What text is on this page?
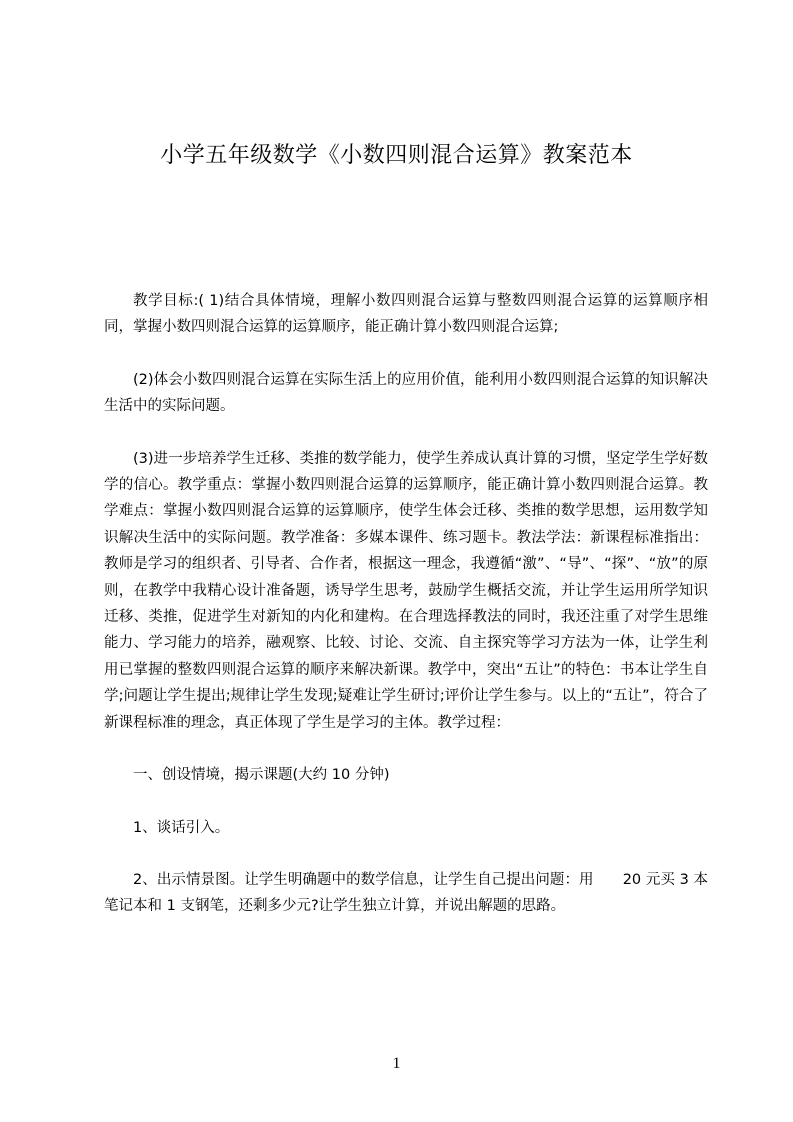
小学五年级数学《小数四则混合运算》教案范本

教学目标:( 1)结合具体情境，理解小数四则混合运算与整数四则混合运算的运算顺序相同，掌握小数四则混合运算的运算顺序，能正确计算小数四则混合运算;

(2)体会小数四则混合运算在实际生活上的应用价值，能利用小数四则混合运算的知识解决生活中的实际问题。

(3)进一步培养学生迁移、类推的数学能力，使学生养成认真计算的习惯，坚定学生学好数学的信心。教学重点：掌握小数四则混合运算的运算顺序，能正确计算小数四则混合运算。教学难点：掌握小数四则混合运算的运算顺序，使学生体会迁移、类推的数学思想，运用数学知识解决生活中的实际问题。教学准备：多媒本课件、练习题卡。教法学法：新课程标准指出：教师是学习的组织者、引导者、合作者，根据这一理念，我遵循“激”、“导”、“探”、“放”的原则，在教学中我精心设计准备题，诱导学生思考，鼓励学生概括交流，并让学生运用所学知识迁移、类推，促进学生对新知的内化和建构。在合理选择教法的同时，我还注重了对学生思维能力、学习能力的培养，融观察、比较、讨论、交流、自主探究等学习方法为一体，让学生利用已掌握的整数四则混合运算的顺序来解决新课。教学中，突出“五让”的特色：书本让学生自学;问题让学生提出;规律让学生发现;疑难让学生研讨;评价让学生参与。以上的“五让”，符合了新课程标准的理念，真正体现了学生是学习的主体。教学过程：

一、创设情境，揭示课题(大约 10 分钟)

1、谈话引入。

2、出示情景图。让学生明确题中的数学信息，让学生自己提出问题：用　　20 元买 3 本笔记本和 1 支钢笔，还剩多少元?让学生独立计算，并说出解题的思路。

1
